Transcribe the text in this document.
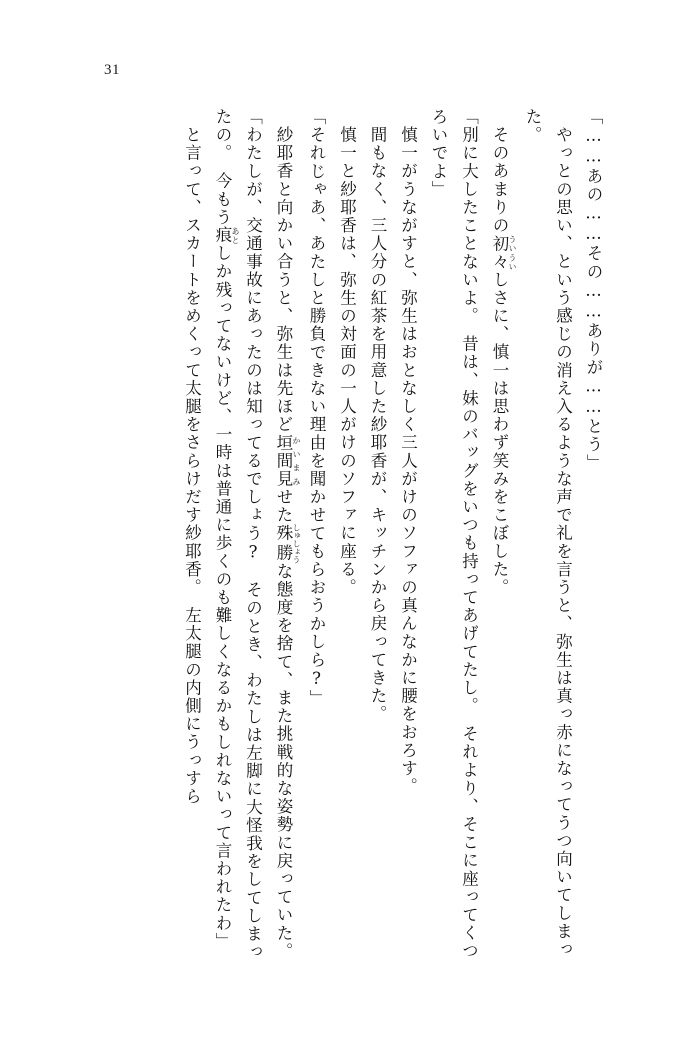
31

「……あの……その……ありが……とう」

やっとの思い、という感じの消え入るような声で礼を言うと、弥生は真っ赤になってうつ向いてしまった。

そのあまりの初々 ういういしさに、慎一は思わず笑みをこぼした。

「別に大したことないよ。　昔は、妹のバッグをいつも持ってあげてたし。　それより、そこに座ってくつろいでよ」

慎一がうながすと、弥生はおとなしく三人がけのソファの真んなかに腰をおろす。

間もなく、三人分の紅茶を用意した紗耶香が、キッチンから戻ってきた。

慎一と紗耶香は、弥生の対面の一人がけのソファに座る。

「それじゃあ、あたしと勝負できない理由を聞かせてもらおうかしら?」

紗耶香と向かい合うと、弥生は先ほど垣間見 かいまみせた殊勝 しゅしょうな態度を捨て、また挑戦的な姿勢に戻っていた。

「わたしが、交通事故にあったのは知ってるでしょう?　そのとき、わたしは左脚に大怪我をしてしまったの。　今もう痕 あとしか残ってないけど、一時は普通に歩くのも難しくなるかもしれないって言われたわ」

と言って、スカートをめくって太腿をさらけだす紗耶香。　左太腿の内側にうっすら
